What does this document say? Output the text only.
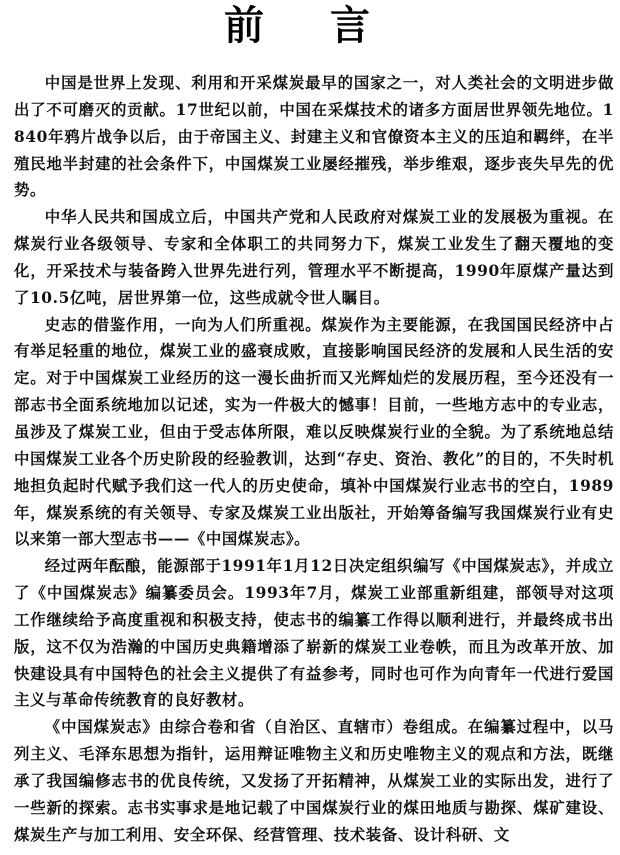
前 言

中国是世界上发现、利用和开采煤炭最早的国家之一，对人类社会的文明进步做出了不可磨灭的贡献。17世纪以前，中国在采煤技术的诸多方面居世界领先地位。1840年鸦片战争以后，由于帝国主义、封建主义和官僚资本主义的压迫和羁绊，在半殖民地半封建的社会条件下，中国煤炭工业屡经摧残，举步维艰，逐步丧失早先的优势。

中华人民共和国成立后，中国共产党和人民政府对煤炭工业的发展极为重视。在煤炭行业各级领导、专家和全体职工的共同努力下，煤炭工业发生了翻天覆地的变化，开采技术与装备跨入世界先进行列，管理水平不断提高，1990年原煤产量达到了10.5亿吨，居世界第一位，这些成就令世人瞩目。

史志的借鉴作用，一向为人们所重视。煤炭作为主要能源，在我国国民经济中占有举足轻重的地位，煤炭工业的盛衰成败，直接影响国民经济的发展和人民生活的安定。对于中国煤炭工业经历的这一漫长曲折而又光辉灿烂的发展历程，至今还没有一部志书全面系统地加以记述，实为一件极大的憾事！目前，一些地方志中的专业志，虽涉及了煤炭工业，但由于受志体所限，难以反映煤炭行业的全貌。为了系统地总结中国煤炭工业各个历史阶段的经验教训，达到“存史、资治、教化”的目的，不失时机地担负起时代赋予我们这一代人的历史使命，填补中国煤炭行业志书的空白，1989年，煤炭系统的有关领导、专家及煤炭工业出版社，开始筹备编写我国煤炭行业有史以来第一部大型志书——《中国煤炭志》。

经过两年酝酿，能源部于1991年1月12日决定组织编写《中国煤炭志》，并成立了《中国煤炭志》编纂委员会。1993年7月，煤炭工业部重新组建，部领导对这项工作继续给予高度重视和积极支持，使志书的编纂工作得以顺利进行，并最终成书出版，这不仅为浩瀚的中国历史典籍增添了崭新的煤炭工业卷帙，而且为改革开放、加快建设具有中国特色的社会主义提供了有益参考，同时也可作为向青年一代进行爱国主义与革命传统教育的良好教材。

《中国煤炭志》由综合卷和省（自治区、直辖市）卷组成。在编纂过程中，以马列主义、毛泽东思想为指针，运用辩证唯物主义和历史唯物主义的观点和方法，既继承了我国编修志书的优良传统，又发扬了开拓精神，从煤炭工业的实际出发，进行了一些新的探索。志书实事求是地记载了中国煤炭行业的煤田地质与勘探、煤矿建设、煤炭生产与加工利用、安全环保、经营管理、技术装备、设计科研、文
